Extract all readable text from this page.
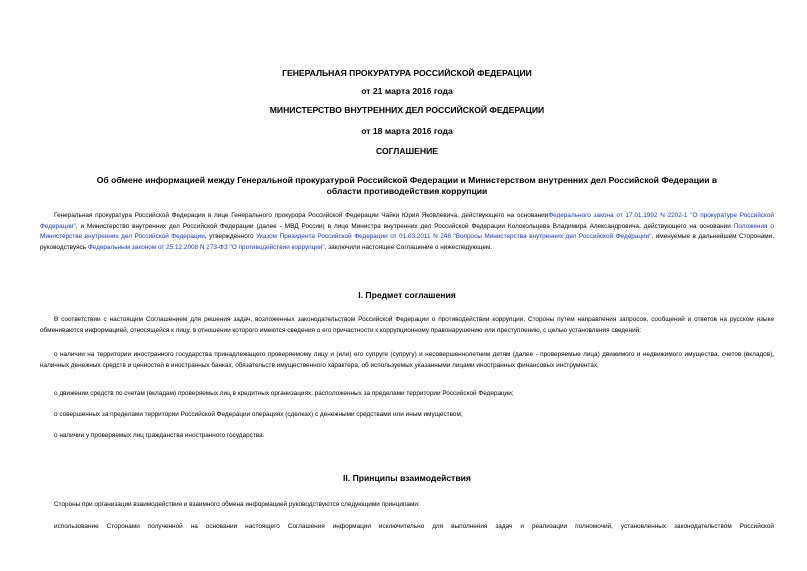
ГЕНЕРАЛЬНАЯ ПРОКУРАТУРА РОССИЙСКОЙ ФЕДЕРАЦИИ

от 21 марта 2016 года

МИНИСТЕРСТВО ВНУТРЕННИХ ДЕЛ РОССИЙСКОЙ ФЕДЕРАЦИИ

от 18 марта 2016 года

СОГЛАШЕНИЕ

Об обмене информацией между Генеральной прокуратурой Российской Федерации и Министерством внутренних дел Российской Федерации в области противодействия коррупции

Генеральная прокуратура Российской Федерации в лице Генерального прокурора Российской Федерации Чайки Юрия Яковлевича, действующего на основанииФедерального закона от 17.01.1992 N 2202-1 "О прокуратуре Российской Федерации", и Министерство внутренних дел Российской Федерации (далее - МВД России) в лице Министра внутренних дел Российской Федерации Колокольцева Владимира Александровича, действующего на основании Положения о Министерстве внутренних дел Российской Федерации, утвержденного Указом Президента Российской Федерации от 01.03.2011 N 248 "Вопросы Министерства внутренних дел Российской Федерации", именуемые в дальнейшем Сторонами, руководствуясь Федеральным законом от 25.12.2008 N 273-ФЗ "О противодействии коррупции", заключили настоящее Соглашение о нижеследующем.

I. Предмет соглашения

В соответствии с настоящим Соглашением для решения задач, возложенных законодательством Российской Федерации о противодействии коррупции, Стороны путем направления запросов, сообщений и ответов на русском языке обмениваются информацией, относящейся к лицу, в отношении которого имеются сведения о его причастности к коррупционному правонарушению или преступлению, с целью установления сведений:

о наличии на территории иностранного государства принадлежащего проверяемому лицу и (или) его супруге (супругу) и несовершеннолетним детям (далее - проверяемые лица) движимого и недвижимого имущества, счетов (вкладов), наличных денежных средств и ценностей в иностранных банках, обязательств имущественного характера, об используемых указанными лицами иностранных финансовых инструментах;

о движении средств по счетам (вкладам) проверяемых лиц в кредитных организациях, расположенных за пределами территории Российской Федерации;

о совершенных за пределами территории Российской Федерации операциях (сделках) с денежными средствами или иным имуществом;

о наличии у проверяемых лиц гражданства иностранного государства.

II. Принципы взаимодействия

Стороны при организации взаимодействия и взаимного обмена информацией руководствуются следующими принципами:

использование Сторонами полученной на основании настоящего Соглашения информации исключительно для выполнения задач и реализации полномочий, установленных законодательством Российской
